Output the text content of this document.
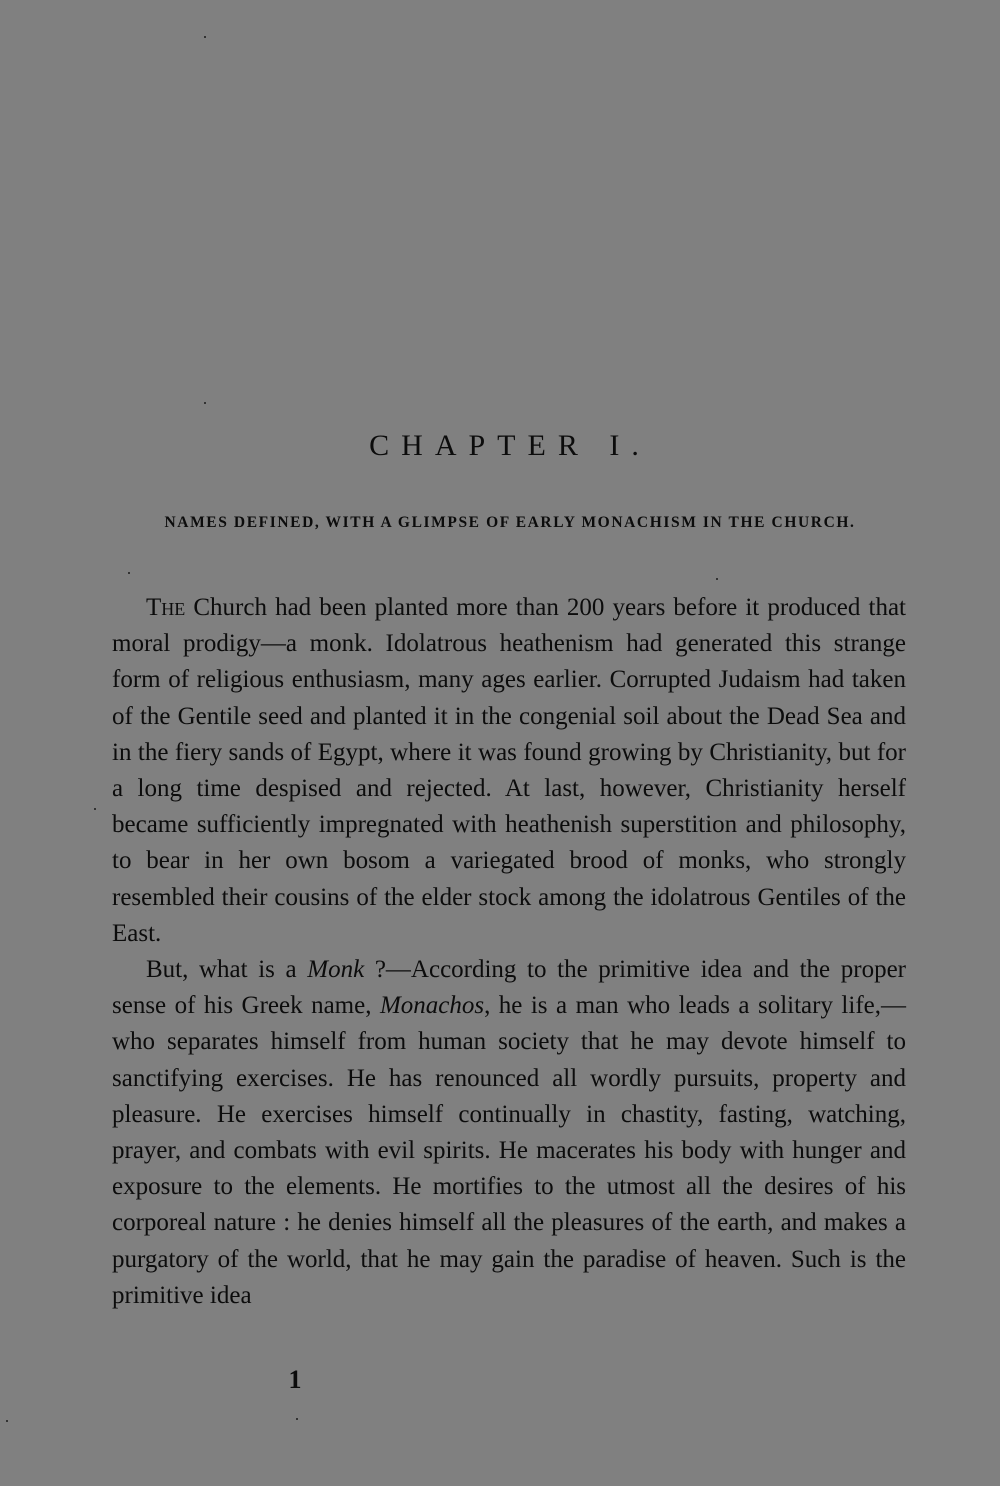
CHAPTER I.
NAMES DEFINED, WITH A GLIMPSE OF EARLY MONACHISM IN THE CHURCH.

The Church had been planted more than 200 years before it produced that moral prodigy—a monk. Idolatrous heathenism had generated this strange form of religious enthusiasm, many ages earlier. Corrupted Judaism had taken of the Gentile seed and planted it in the congenial soil about the Dead Sea and in the fiery sands of Egypt, where it was found growing by Christianity, but for a long time despised and rejected. At last, however, Christianity herself became sufficiently impregnated with heathenish superstition and philosophy, to bear in her own bosom a variegated brood of monks, who strongly resembled their cousins of the elder stock among the idolatrous Gentiles of the East.

But, what is a Monk ?—According to the primitive idea and the proper sense of his Greek name, Monachos, he is a man who leads a solitary life,—who separates himself from human society that he may devote himself to sanctifying exercises. He has renounced all wordly pursuits, property and pleasure. He exercises himself continually in chastity, fasting, watching, prayer, and combats with evil spirits. He macerates his body with hunger and exposure to the elements. He mortifies to the utmost all the desires of his corporeal nature : he denies himself all the pleasures of the earth, and makes a purgatory of the world, that he may gain the paradise of heaven. Such is the primitive idea

1
